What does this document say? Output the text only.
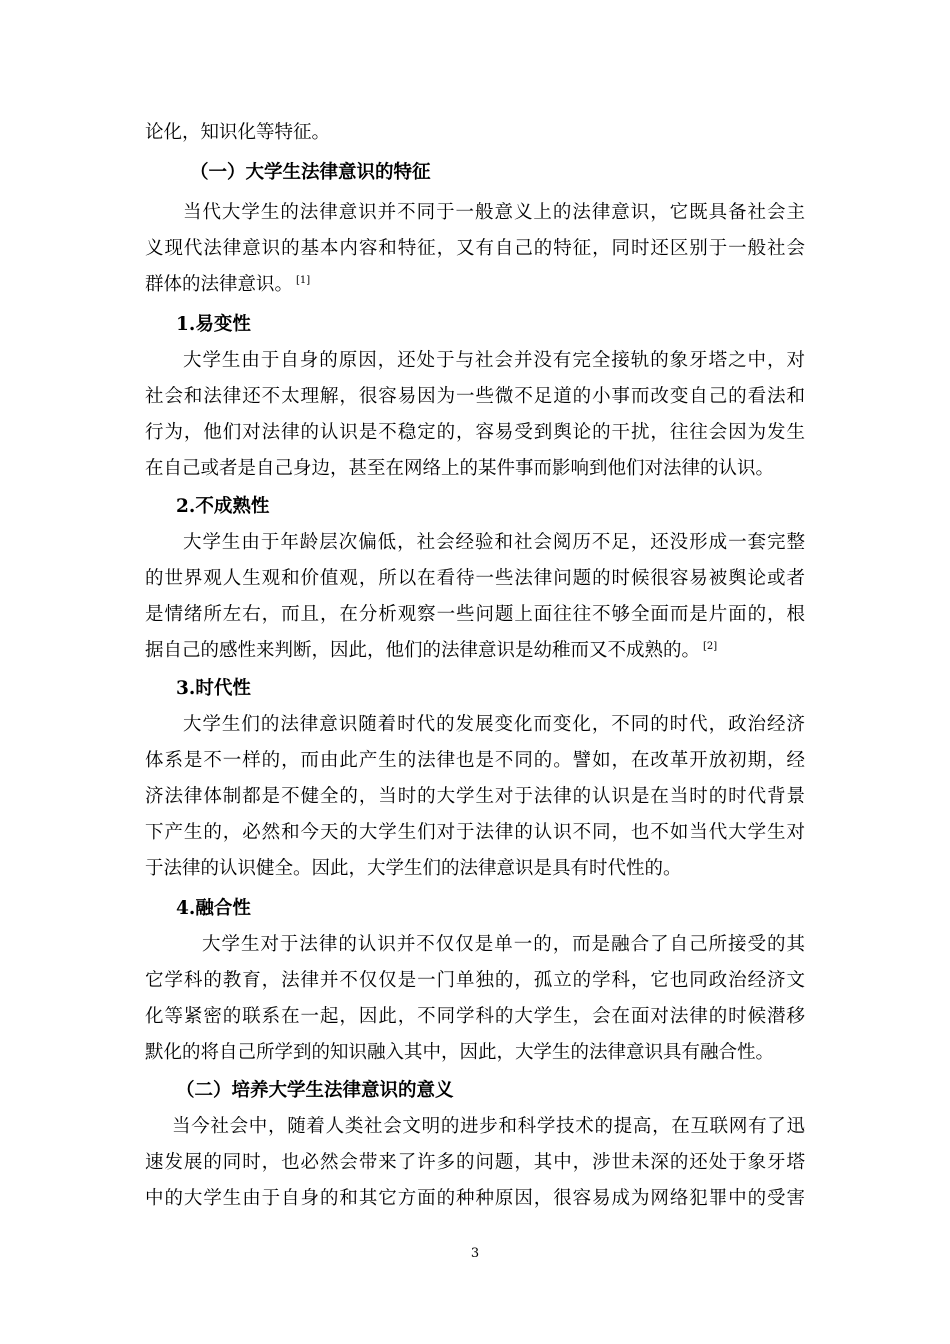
论化，知识化等特征。
（一）大学生法律意识的特征
当代大学生的法律意识并不同于一般意义上的法律意识，它既具备社会主
义现代法律意识的基本内容和特征，又有自己的特征，同时还区别于一般社会
群体的法律意识。 [1]
1.易变性
大学生由于自身的原因，还处于与社会并没有完全接轨的象牙塔之中，对
社会和法律还不太理解，很容易因为一些微不足道的小事而改变自己的看法和
行为，他们对法律的认识是不稳定的，容易受到舆论的干扰，往往会因为发生
在自己或者是自己身边，甚至在网络上的某件事而影响到他们对法律的认识。
2.不成熟性
大学生由于年龄层次偏低，社会经验和社会阅历不足，还没形成一套完整
的世界观人生观和价值观，所以在看待一些法律问题的时候很容易被舆论或者
是情绪所左右，而且，在分析观察一些问题上面往往不够全面而是片面的，根
据自己的感性来判断，因此，他们的法律意识是幼稚而又不成熟的。 [2]
3.时代性
大学生们的法律意识随着时代的发展变化而变化，不同的时代，政治经济
体系是不一样的，而由此产生的法律也是不同的。譬如，在改革开放初期，经
济法律体制都是不健全的，当时的大学生对于法律的认识是在当时的时代背景
下产生的，必然和今天的大学生们对于法律的认识不同，也不如当代大学生对
于法律的认识健全。因此，大学生们的法律意识是具有时代性的。
4.融合性
大学生对于法律的认识并不仅仅是单一的，而是融合了自己所接受的其
它学科的教育，法律并不仅仅是一门单独的，孤立的学科，它也同政治经济文
化等紧密的联系在一起，因此，不同学科的大学生，会在面对法律的时候潜移
默化的将自己所学到的知识融入其中，因此，大学生的法律意识具有融合性。
（二）培养大学生法律意识的意义
当今社会中，随着人类社会文明的进步和科学技术的提高，在互联网有了迅
速发展的同时，也必然会带来了许多的问题，其中，涉世未深的还处于象牙塔
中的大学生由于自身的和其它方面的种种原因，很容易成为网络犯罪中的受害
3
